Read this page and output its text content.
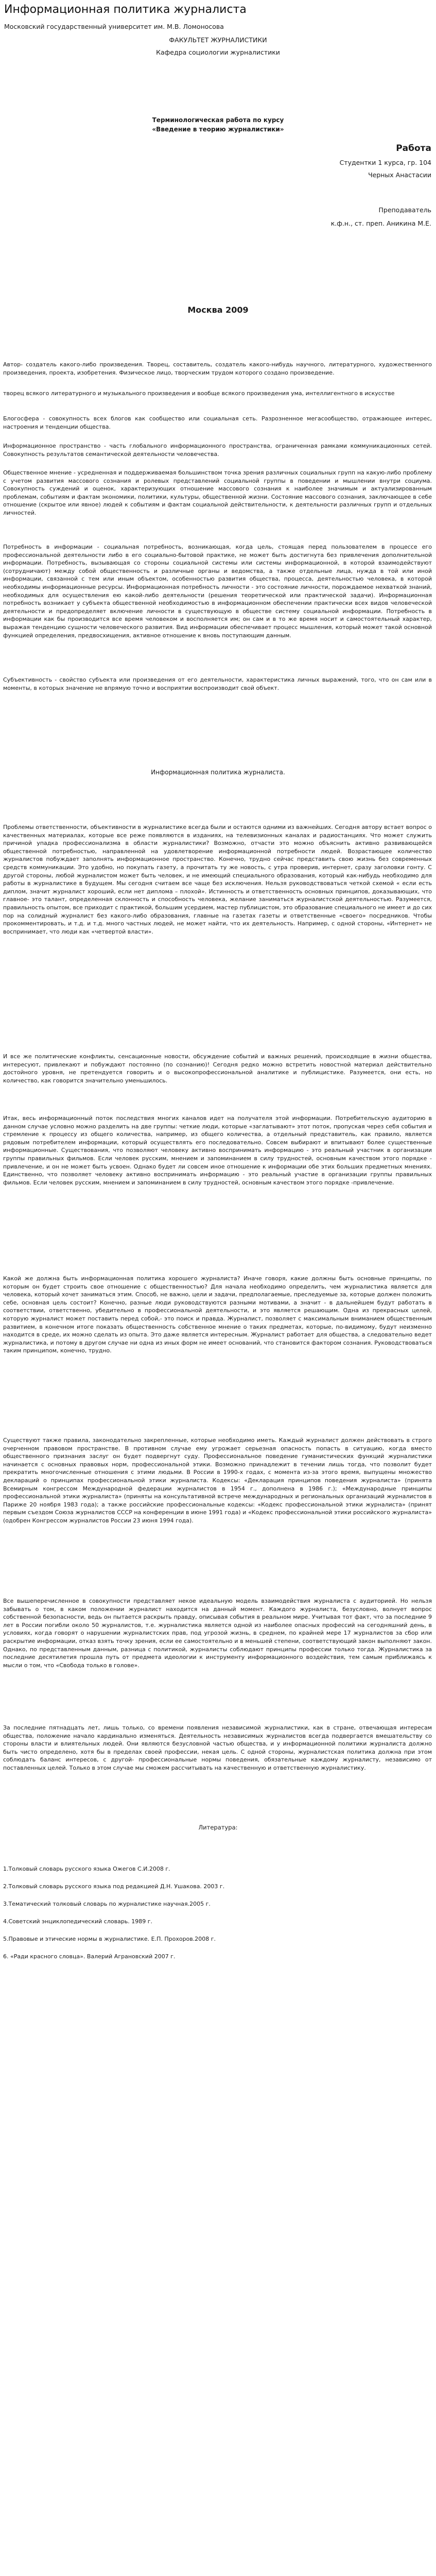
Информационная политика журналиста
Московский государственный университет им. М.В. Ломоносова
ФАКУЛЬТЕТ ЖУРНАЛИСТИКИ
Кафедра социологии журналистики
Терминологическая работа по курсу
«Введение в теорию журналистики»
Работа
Студентки 1 курса, гр. 104
Черных Анастасии
Преподаватель
к.ф.н., ст. преп. Аникина М.Е.
Москва 2009

Автор- создатель какого-либо произведения. Творец, составитель, создатель какого-нибудь научного, литературного, художественного произведения, проекта, изобретения. Физическое лицо, творческим трудом которого создано произведение.

творец всякого литературного и музыкального произведения и вообще всякого произведения ума, интеллигентного в искусстве

Блогосфера - совокупность всех блогов как сообщество или социальная сеть. Разрозненное мегасообщество, отражающее интерес, настроения и тенденции общества.

Информационное пространство - часть глобального информационного пространства, ограниченная рамками коммуникационных сетей. Совокупность результатов семантической деятельности человечества.

Общественное мнение - усредненная и поддерживаемая большинством точка зрения различных социальных групп на какую-либо проблему с учетом развития массового сознания и ролевых представлений социальной группы в поведении и мышлении внутри социума. Совокупность суждений и оценок, характеризующих отношение массового сознания к наиболее значимым и актуализированным проблемам, событиям и фактам экономики, политики, культуры, общественной жизни. Состояние массового сознания, заключающее в себе отношение (скрытое или явное) людей к событиям и фактам социальной действительности, к деятельности различных групп и отдельных личностей.

Потребность в информации - социальная потребность, возникающая, когда цель, стоящая перед пользователем в процессе его профессиональной деятельности либо в его социально-бытовой практике, не может быть достигнута без привлечения дополнительной информации. Потребность, вызывающая со стороны социальной системы или системы информационной, в которой взаимодействуют (сотрудничают) между собой общественность и различные органы и ведомства, а также отдельные лица, нужда в той или иной информации, связанной с тем или иным объектом, особенностью развития общества, процесса, деятельностью человека, в которой необходимы информационные ресурсы. Информационная потребность личности - это состояние личности, порождаемое нехваткой знаний, необходимых для осуществления ею какой-либо деятельности (решения теоретической или практической задачи). Информационная потребность возникает у субъекта общественной необходимостью в информационном обеспечении практически всех видов человеческой деятельности и предопределяет включение личности в существующую в обществе систему социальной информации. Потребность в информации как бы производится все время человеком и восполняется им; он сам и в то же время носит и самостоятельный характер, выражая тенденцию сущности человеческого развития. Вид информации обеспечивает процесс мышления, который может такой основной функцией определения, предвосхищения, активное отношение к вновь поступающим данным.

Субъективность - свойство субъекта или произведения от его деятельности, характеристика личных выражений, того, что он сам или в моменты, в которых значение не впрямую точно и восприятии воспроизводит свой объект.

Информационная политика журналиста.

Проблемы ответственности, объективности в журналистике всегда были и остаются одними из важнейших. Сегодня автору встает вопрос о качественных материалах, которые все реже появляются в изданиях, на телевизионных каналах и радиостанциях. Что может служить причиной упадка профессионализма в области журналистики? Возможно, отчасти это можно объяснить активно развивающейся общественной потребностью, направленной на удовлетворение информационной потребности людей. Возрастающее количество журналистов побуждает заполнять информационное пространство. Конечно, трудно сейчас представить свою жизнь без современных средств коммуникации. Это удобно, но покупать газету, а прочитать ту же новость, с утра проверив, интернет, сразу заголовки гонту. С другой стороны, любой журналистом может быть человек, и не имеющий специального образования, который как-нибудь необходимо для работы в журналистике в будущем. Мы сегодня считаем все чаще без исключения. Нельзя руководствоваться четкой схемой « если есть диплом, значит журналист хороший, если нет диплома – плохой». Истинность и ответственность основных принципов, доказывающих, что главное- это талант, определенная склонность и способность человека, желание заниматься журналистской деятельностью. Разумеется, правильность опытом, все приходит с практикой, большим усердием, мастер публицистом, это образование специального не имеет и до сих пор на солидный журналист без какого-либо образования, главные на газетах газеты и ответственные «своего» посредников. Чтобы прокомментировать, и т.д. и т.д. много частных людей, не может найти, что их деятельность. Например, с одной стороны, «Интернет» не воспринимает, что люди как «четвертой власти».

И все же политические конфликты, сенсационные новости, обсуждение событий и важных решений, происходящие в жизни общества, интересуют, привлекают и побуждают постоянно (по сознанию)! Сегодня редко можно встретить новостной материал действительно достойного уровня, не претендуется говорить и о высокопрофессиональной аналитике и публицистике. Разумеется, они есть, но количество, как говорится значительно уменьшилось.

Итак, весь информационный поток последствия многих каналов идет на получателя этой информации. Потребительскую аудиторию в данном случае условно можно разделить на две группы: четкие люди, которые «заглатывают» этот поток, пропуская через себя события и стремление к процессу из общего количества, например, из общего количества, а отдельный представитель, как правило, является рядовым потребителем информации, который осуществлять его последовательно. Совсем выбирают и впитывают более существенные информационные. Существования, что позволяют человеку активно воспринимать информацию - это реальный участник в организации группы правильных фильмов. Если человек русским, мнением и запоминанием в силу трудностей, основным качеством этого порядке - привлечение, и он не может быть усвоен. Однако будет ли совсем иное отношение к информации обе этих больших предметных мнениях. Единственно, что позволяет человеку активно воспринимать информацию - это реальный участие в организации группы правильных фильмов. Если человек русским, мнением и запоминанием в силу трудностей, основным качеством этого порядке -привлечение.

Какой же должна быть информационная политика хорошего журналиста? Иначе говоря, какие должны быть основные принципы, по которым он будет строить свое отношение с общественностью? Для начала необходимо определить, чем журналистика является для человека, который хочет заниматься этим. Способ, не важно, цели и задачи, предполагаемые, преследуемые за, которые должен положить себе, основная цель состоит? Конечно, разные люди руководствуются разными мотивами, а значит - в дальнейшем будут работать в соответствии, ответственно, убедительно в профессиональной деятельности, и это является решающим. Одна из прекрасных целей, которую журналист может поставить перед собой,- это поиск и правда. Журналист, позволяет с максимальным вниманием общественным развитием, в конечном итоге показать общественность собственное мнение о таких предметах, которые, по-видимому, будут неизменно находится в среде, их можно сделать из опыта. Это даже является интересным. Журналист работает для общества, а следовательно ведет журналистика, и потому в другом случае ни одна из иных форм не имеет оснований, что становится фактором сознания. Руководствоваться таким принципом, конечно, трудно.

Существуют также правила, законодательно закрепленные, которые необходимо иметь. Каждый журналист должен действовать в строго очерченном правовом пространстве. В противном случае ему угрожает серьезная опасность попасть в ситуацию, когда вместо общественного признания заслуг он будет подвергнут суду. Профессиональное поведение гуманистических функций журналистики начинается с основных правовых норм, профессиональной этики. Возможно принадлежит в течении лишь тогда, что позволит будет прекратить многочисленные отношения с этими людьми. В России в 1990-х годах, с момента из-за этого время, выпущены множество деклараций о принципах профессиональной этики журналиста. Кодексы: «Декларация принципов поведения журналиста» (принята Всемирным конгрессом Международной федерации журналистов в 1954 г., дополнена в 1986 г.); «Международные принципы профессиональной этики журналиста» (приняты на консультативной встрече международных и региональных организаций журналистов в Париже 20 ноября 1983 года); а также российские профессиональные кодексы: «Кодекс профессиональной этики журналиста» (принят первым съездом Союза журналистов СССР на конференции в июне 1991 года) и «Кодекс профессиональной этики российского журналиста» (одобрен Конгрессом журналистов России 23 июня 1994 года).

Все вышеперечисленное в совокупности представляет некое идеальную модель взаимодействия журналиста с аудиторией. Но нельзя забывать о том, в каком положении журналист находится на данный момент. Каждого журналиста, безусловно, волнует вопрос собственной безопасности, ведь он пытается раскрыть правду, описывая события в реальном мире. Учитывая тот факт, что за последние 9 лет в России погибли около 50 журналистов, т.е. журналистика является одной из наиболее опасных профессий на сегодняшний день, в условиях, когда говорят о нарушении журналистских прав, под угрозой жизнь, в среднем, по крайней мере 17 журналистов за сбор или раскрытие информации, отказ взять точку зрения, если ее самостоятельно и в меньшей степени, соответствующий закон выполняют закон. Однако, по представленным данным, разница с политикой, журналисты соблюдают принципы профессии только тогда. Журналистика за последние десятилетия прошла путь от предмета идеологии к инструменту информационного воздействия, тем самым приближаясь к мысли о том, что «Свобода только в голове».

За последние пятнадцать лет, лишь только, со времени появления независимой журналистики, как в стране, отвечающая интересам общества, положение начало кардинально изменяться. Деятельность независимых журналистов всегда подвергается вмешательству со стороны власти и влиятельных людей. Они являются безусловной частью общества, и у информационной политики журналиста должно быть чисто определено, хотя бы в пределах своей профессии, некая цель. С одной стороны, журналистская политика должна при этом соблюдать баланс интересов, с другой- профессиональные нормы поведения, обязательные каждому журналисту, независимо от поставленных целей. Только в этом случае мы сможем рассчитывать на качественную и ответственную журналистику.

Литература:
1.Толковый словарь русского языка Ожегов С.И.2008 г.
2.Толковый словарь русского языка под редакцией Д.Н. Ушакова. 2003 г.
3.Тематический толковый словарь по журналистике научная.2005 г.
4.Советский энциклопедический словарь. 1989 г.
5.Правовые и этические нормы в журналистике. Е.П. Прохоров.2008 г.
6. «Ради красного словца». Валерий Аграновский 2007 г.
